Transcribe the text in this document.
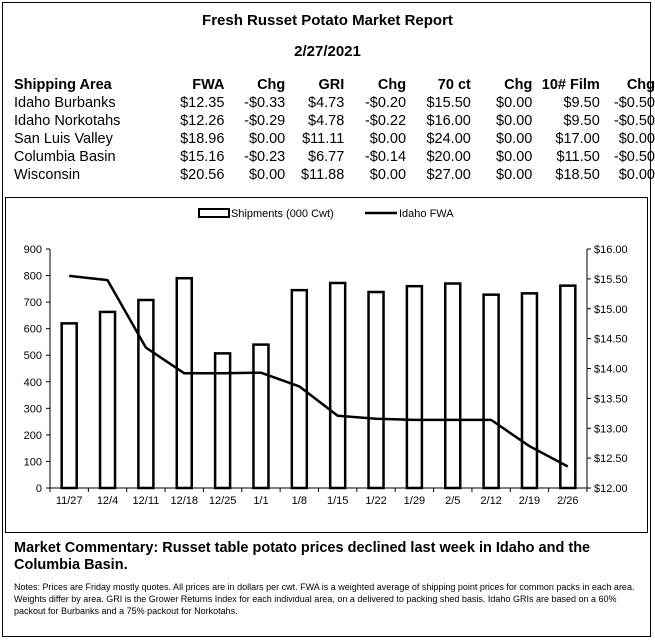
Fresh Russet Potato Market Report
2/27/2021
Shipping Area	FWA	Chg	GRI	Chg	70 ct	Chg	10# Film	Chg
Idaho Burbanks	$12.35	-$0.33	$4.73	-$0.20	$15.50	$0.00	$9.50	-$0.50
Idaho Norkotahs	$12.26	-$0.29	$4.78	-$0.22	$16.00	$0.00	$9.50	-$0.50
San Luis Valley	$18.96	$0.00	$11.11	$0.00	$24.00	$0.00	$17.00	$0.00
Columbia Basin	$15.16	-$0.23	$6.77	-$0.14	$20.00	$0.00	$11.50	-$0.50
Wisconsin	$20.56	$0.00	$11.88	$0.00	$27.00	$0.00	$18.50	$0.00
Shipments (000 Cwt)	Idaho FWA
0
100
200
300
400
500
600
700
800
900
$12.00
$12.50
$13.00
$13.50
$14.00
$14.50
$15.00
$15.50
$16.00
11/27 12/4 12/11 12/18 12/25 1/1 1/8 1/15 1/22 1/29 2/5 2/12 2/19 2/26
Market Commentary: Russet table potato prices declined last week in Idaho and the Columbia Basin.
Notes: Prices are Friday mostly quotes. All prices are in dollars per cwt. FWA is a weighted average of shipping point prices for common packs in each area. Weights differ by area. GRI is the Grower Returns Index for each individual area, on a delivered to packing shed basis. Idaho GRIs are based on a 60% packout for Burbanks and a 75% packout for Norkotahs.
